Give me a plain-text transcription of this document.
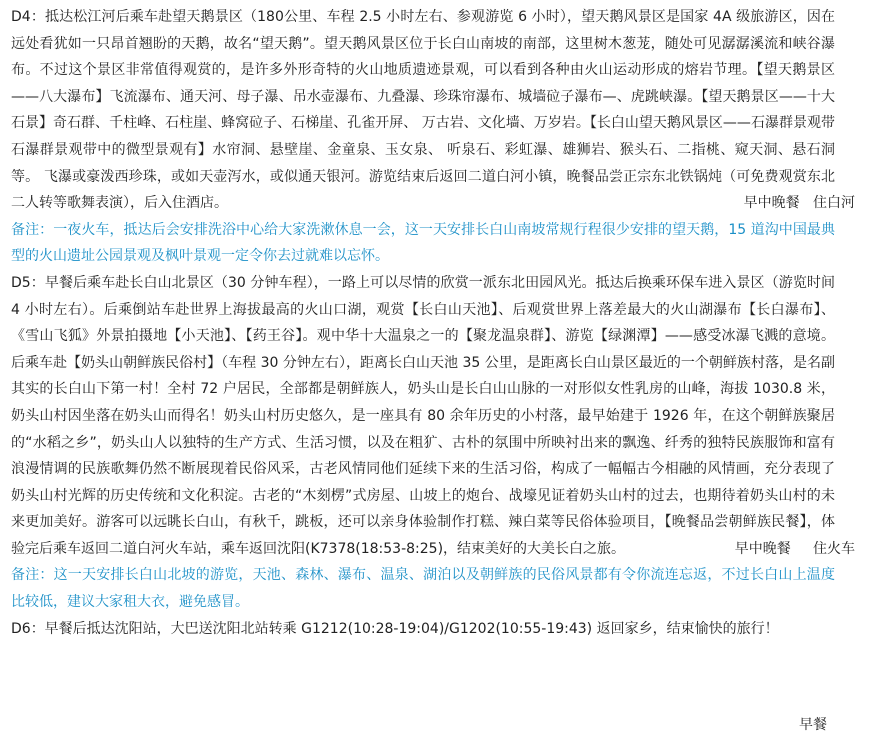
D4：抵达松江河后乘车赴望天鹅景区（180公里、车程 2.5 小时左右、参观游览 6 小时），望天鹅风景区是国家 4A 级旅游区，因在远处看犹如一只昂首翘盼的天鹅，故名“望天鹅”。望天鹅风景区位于长白山南坡的南部，这里树木葱茏，随处可见潺潺溪流和峡谷瀑布。不过这个景区非常值得观赏的，是许多外形奇特的火山地质遗迹景观，可以看到各种由火山运动形成的熔岩节理。【望天鹅景区——八大瀑布】飞流瀑布、通天河、母子瀑、吊水壶瀑布、九叠瀑、珍珠帘瀑布、城墙砬子瀑布—、虎跳峡瀑。【望天鹅景区——十大石景】奇石群、千柱峰、石柱崖、蜂窝砬子、石梯崖、孔雀开屏、 万古岩、文化墙、万岁岩。【长白山望天鹅风景区——石瀑群景观带石瀑群景观带中的微型景观有】水帘洞、悬壁崖、金童泉、玉女泉、 听泉石、彩虹瀑、雄狮岩、猴头石、二指桃、窥天洞、悬石洞等。 飞瀑或豪泼西珍珠，或如天壶泻水，或似通天银河。游览结束后返回二道白河小镇，晚餐品尝正宗东北铁锅炖（可免费观赏东北二人转等歌舞表演），后入住酒店。	早中晚餐   住白河

备注：一夜火车，抵达后会安排洗浴中心给大家洗漱休息一会，这一天安排长白山南坡常规行程很少安排的望天鹅，15 道沟中国最典型的火山遗址公园景观及枫叶景观一定令你去过就难以忘怀。

D5：早餐后乘车赴长白山北景区（30 分钟车程），一路上可以尽情的欣赏一派东北田园风光。抵达后换乘环保车进入景区（游览时间 4 小时左右）。后乘倒站车赴世界上海拔最高的火山口湖，观赏【长白山天池】、后观赏世界上落差最大的火山湖瀑布【长白瀑布】、《雪山飞狐》外景拍摄地【小天池】、【药王谷】。观中华十大温泉之一的【聚龙温泉群】、游览【绿渊潭】——感受冰瀑飞溅的意境。后乘车赴【奶头山朝鲜族民俗村】（车程 30 分钟左右），距离长白山天池 35 公里，是距离长白山景区最近的一个朝鲜族村落，是名副其实的长白山下第一村！全村 72 户居民，全部都是朝鲜族人，奶头山是长白山山脉的一对形似女性乳房的山峰，海拔 1030.8 米，奶头山村因坐落在奶头山而得名！奶头山村历史悠久，是一座具有 80 余年历史的小村落，最早始建于 1926 年，在这个朝鲜族聚居的“水稻之乡”，奶头山人以独特的生产方式、生活习惯，以及在粗犷、古朴的氛围中所映衬出来的飘逸、纤秀的独特民族服饰和富有浪漫情调的民族歌舞仍然不断展现着民俗风采，古老风情同他们延续下来的生活习俗，构成了一幅幅古今相融的风情画，充分表现了奶头山村光辉的历史传统和文化积淀。古老的“木刻楞”式房屋、山坡上的炮台、战壕见证着奶头山村的过去，也期待着奶头山村的未来更加美好。游客可以远眺长白山，有秋千，跳板，还可以亲身体验制作打糕、辣白菜等民俗体验项目，【晚餐品尝朝鲜族民餐】，体验完后乘车返回二道白河火车站，乘车返回沈阳(K7378(18:53-8:25)，结束美好的大美长白之旅。	早中晚餐     住火车

备注：这一天安排长白山北坡的游览，天池、森林、瀑布、温泉、湖泊以及朝鲜族的民俗风景都有令你流连忘返，不过长白山上温度比较低，建议大家租大衣，避免感冒。

D6：早餐后抵达沈阳站，大巴送沈阳北站转乘 G1212(10:28-19:04)/G1202(10:55-19:43) 返回家乡，结束愉快的旅行！

早餐
